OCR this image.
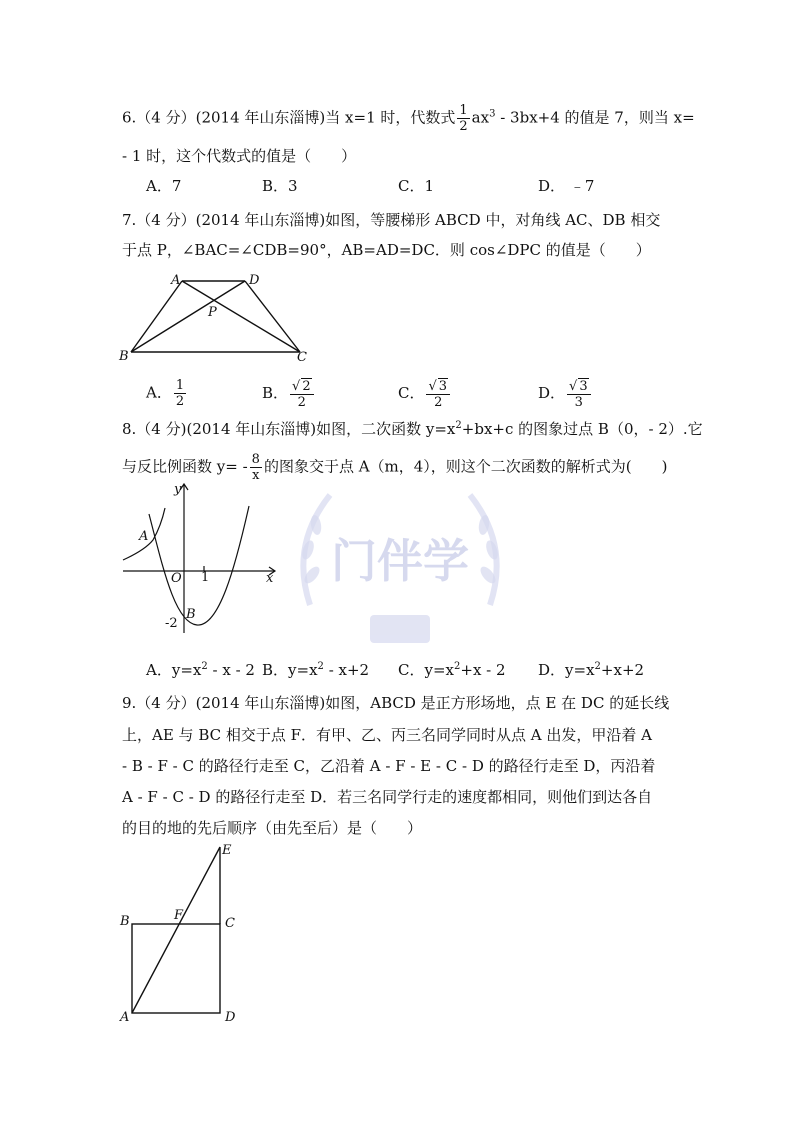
门伴学
6.（4 分）(2014 年山东淄博)当 x=1 时，代数式 $\frac{1}{2} ax^3 - 3bx+4$ 的值是 7，则当 x=
- 1 时，这个代数式的值是（　　）
A．7	B．3	C．1	D． ﹣7
7.（4 分）(2014 年山东淄博)如图，等腰梯形 ABCD 中，对角线 AC、DB 相交
于点 P，∠BAC=∠CDB=90°，AB=AD=DC．则 cos∠DPC 的值是（　　）
A	D
P
B	C
A． $\frac{1}{2}$	B． $\frac{√ 2}{2}$	C． $\frac{√ 3}{2}$	D． $\frac{√ 3}{3}$
8.（4 分)(2014 年山东淄博)如图，二次函数 $y=x^2+bx+c$ 的图象过点 B（0，- 2）.它
与反比例函数 $y= - \frac{8}{x}$ 的图象交于点 A（m，4），则这个二次函数的解析式为(　　)
y
x
O 1
A
B
-2
A．$y=x^2 - x - 2$ B．$y=x^2 - x+2$ C．$y=x^2+x - 2$ D．$y=x^2+x+2$
9.（4 分）(2014 年山东淄博)如图，ABCD 是正方形场地，点 E 在 DC 的延长线
上，AE 与 BC 相交于点 F．有甲、乙、丙三名同学同时从点 A 出发，甲沿着 A
- B - F - C 的路径行走至 C，乙沿着 A - F - E - C - D 的路径行走至 D，丙沿着
A - F - C - D 的路径行走至 D．若三名同学行走的速度都相同，则他们到达各自
的目的地的先后顺序（由先至后）是（　　）
E
B	F
C
A	D
